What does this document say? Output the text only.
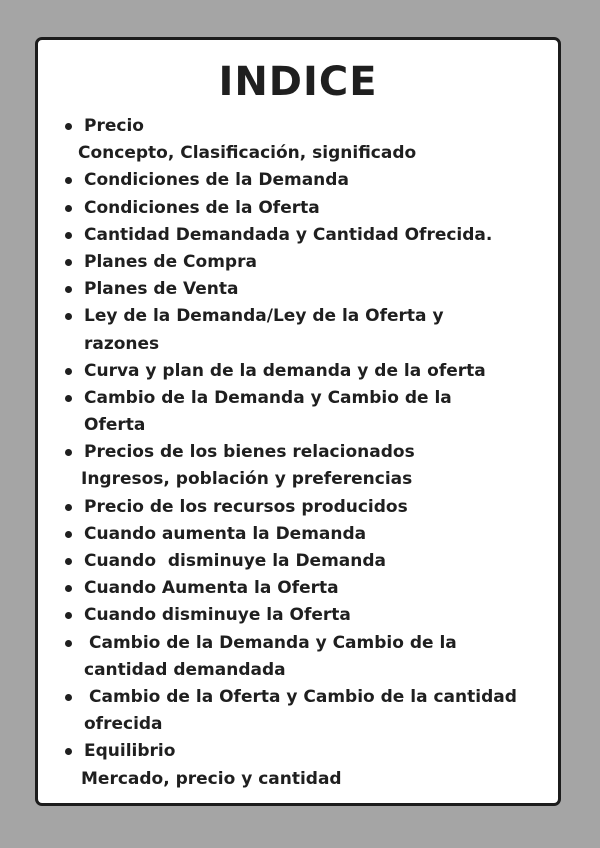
INDICE
Precio
Concepto, Clasificación, significado
Condiciones de la Demanda
Condiciones de la Oferta
Cantidad Demandada y Cantidad Ofrecida.
Planes de Compra
Planes de Venta
Ley de la Demanda/Ley de la Oferta y
razones
Curva y plan de la demanda y de la oferta
Cambio de la Demanda y Cambio de la
Oferta
Precios de los bienes relacionados
Ingresos, población y preferencias
Precio de los recursos producidos
Cuando aumenta la Demanda
Cuando  disminuye la Demanda
Cuando Aumenta la Oferta
Cuando disminuye la Oferta
Cambio de la Demanda y Cambio de la
cantidad demandada
Cambio de la Oferta y Cambio de la cantidad
ofrecida
Equilibrio
Mercado, precio y cantidad
